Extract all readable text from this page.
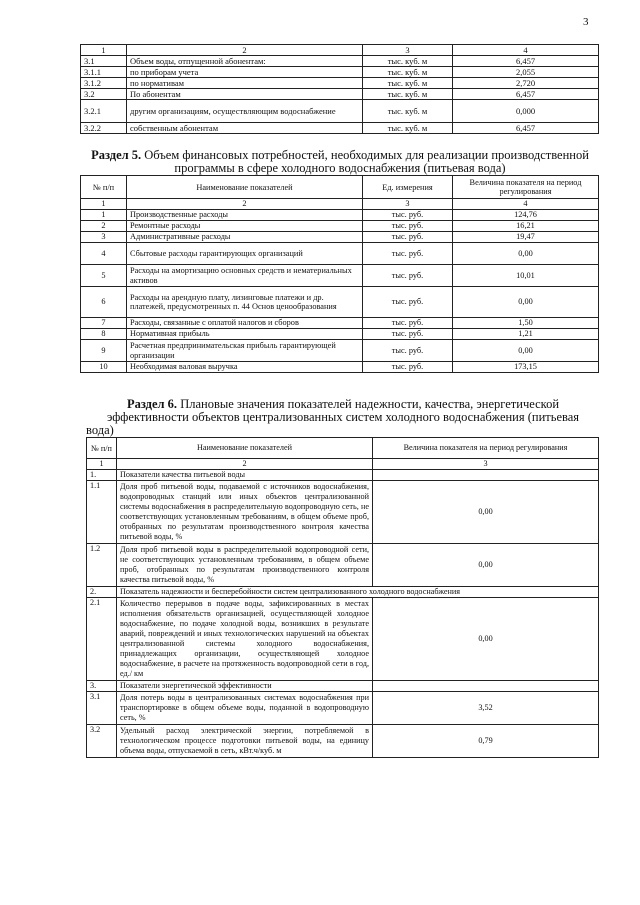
3
1	2	3	4
3.1	Объем воды, отпущенной абонентам:	тыс. куб. м	6,457
3.1.1	по приборам учета	тыс. куб. м	2,055
3.1.2	по нормативам	тыс. куб. м	2,720
3.2	По абонентам	тыс. куб. м	6,457
3.2.1	другим организациям, осуществляющим водоснабжение	тыс. куб. м	0,000
3.2.2	собственным абонентам	тыс. куб. м	6,457
Раздел 5. Объем финансовых потребностей, необходимых для реализации производственной программы в сфере холодного водоснабжения (питьевая вода)
№ п/п	Наименование показателей	Ед. измерения	Величина показателя на период регулирования
1	2	3	4
1	Производственные расходы	тыс. руб.	124,76
2	Ремонтные расходы	тыс. руб.	16,21
3	Административные расходы	тыс. руб.	19,47
4	Сбытовые расходы гарантирующих организаций	тыс. руб.	0,00
5	Расходы на амортизацию основных средств и нематериальных активов	тыс. руб.	10,01
6	Расходы на арендную плату, лизинговые платежи и др. платежей, предусмотренных п. 44 Основ ценообразования	тыс. руб.	0,00
7	Расходы, связанные с оплатой налогов и сборов	тыс. руб.	1,50
8	Нормативная прибыль	тыс. руб.	1,21
9	Расчетная предпринимательская прибыль гарантирующей организации	тыс. руб.	0,00
10	Необходимая валовая выручка	тыс. руб.	173,15
Раздел 6. Плановые значения показателей надежности, качества, энергетической эффективности объектов централизованных систем холодного водоснабжения (питьевая
вода)
№ п/п	Наименование показателей	Величина показателя на период регулирования
1	2	3
1.	Показатели качества питьевой воды	
1.1	Доля проб питьевой воды, подаваемой с источников водоснабжения, водопроводных станций или иных объектов централизованной системы водоснабжения в распределительную водопроводную сеть, не соответствующих установленным требованиям, в общем объеме проб, отобранных по результатам производственного контроля качества питьевой воды, %	0,00
1.2	Доля проб питьевой воды в распределительной водопроводной сети, не соответствующих установленным требованиям, в общем объеме проб, отобранных по результатам производственного контроля качества питьевой воды, %	0,00
2.	Показатель надежности и бесперебойности систем централизованного холодного водоснабжения	
2.1	Количество перерывов в подаче воды, зафиксированных в местах исполнения обязательств организацией, осуществляющей холодное водоснабжение, по подаче холодной воды, возникших в результате аварий, повреждений и иных технологических нарушений на объектах централизованной системы холодного водоснабжения, принадлежащих организации, осуществляющей холодное водоснабжение, в расчете на протяженность водопроводной сети в год, ед./ км	0,00
3.	Показатели энергетической эффективности	
3.1	Доля потерь воды в централизованных системах водоснабжения при транспортировке в общем объеме воды, поданной в водопроводную сеть, %	3,52
3.2	Удельный расход электрической энергии, потребляемой в технологическом процессе подготовки питьевой воды, на единицу объема воды, отпускаемой в сеть, кВт.ч/куб. м	0,79
